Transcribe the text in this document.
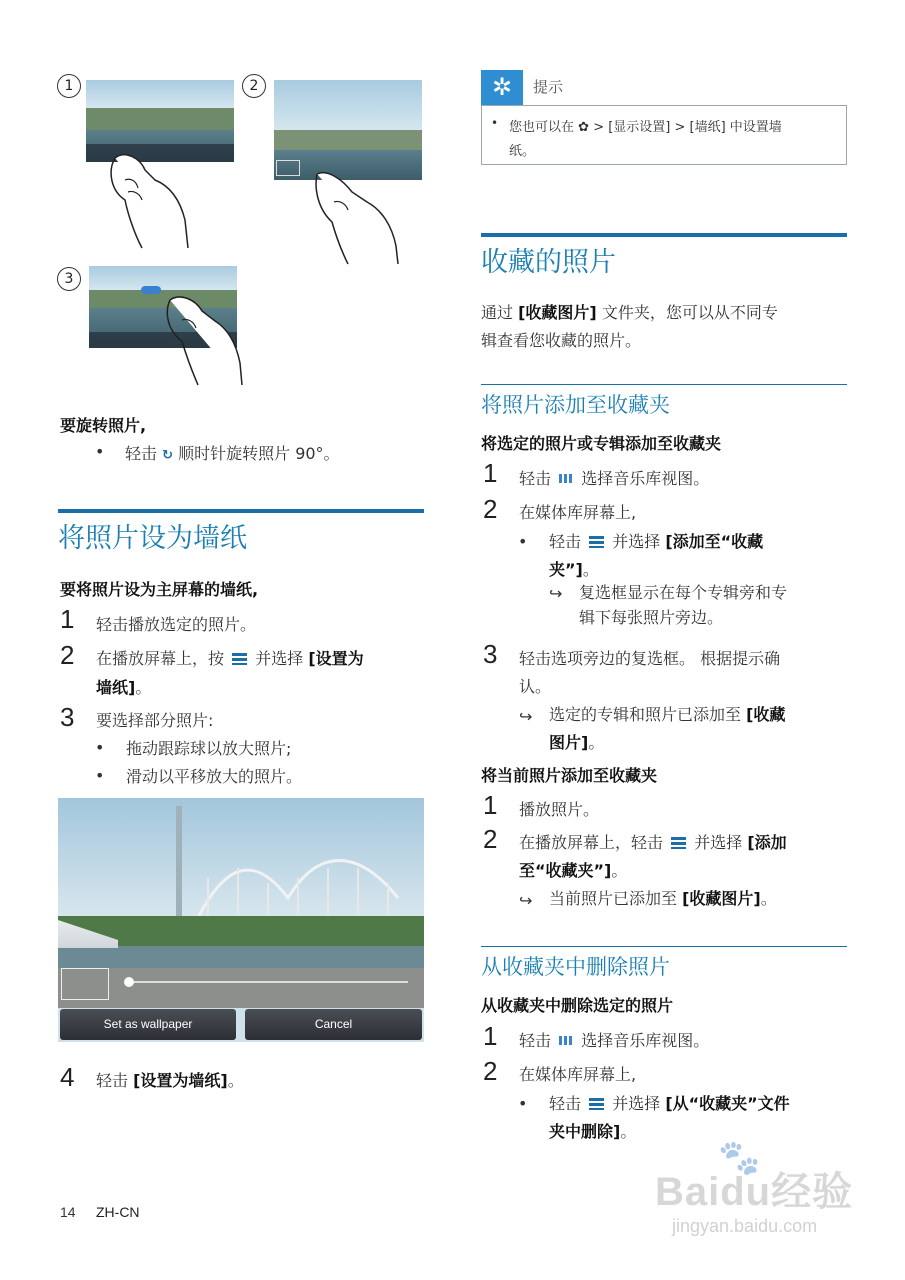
1	2
3
要旋转照片,
• 轻击 ↻ 顺时针旋转照片 90°。
将照片设为墙纸
要将照片设为主屏幕的墙纸,
1 轻击播放选定的照片。
2 在播放屏幕上，按 并选择 [设置为
墙纸]。
3 要选择部分照片:
• 拖动跟踪球以放大照片;
• 滑动以平移放大的照片。
Set as wallpaper	Cancel
4 轻击 [设置为墙纸]。
14 ZH-CN
✲	提示
• 您也可以在 ✿ > [显示设置] > [墙纸] 中设置墙
纸。
收藏的照片
通过 [收藏图片] 文件夹，您可以从不同专
辑查看您收藏的照片。
将照片添加至收藏夹
将选定的照片或专辑添加至收藏夹
1 轻击 选择音乐库视图。
2 在媒体库屏幕上,
• 轻击 并选择 [添加至“收藏
夹”]。
↪ 复选框显示在每个专辑旁和专
辑下每张照片旁边。
3 轻击选项旁边的复选框。 根据提示确
认。
↪ 选定的专辑和照片已添加至 [收藏
图片]。
将当前照片添加至收藏夹
1 播放照片。
2 在播放屏幕上，轻击 并选择 [添加
至“收藏夹”]。
↪ 当前照片已添加至 [收藏图片]。
从收藏夹中删除照片
从收藏夹中删除选定的照片
1 轻击 选择音乐库视图。
2 在媒体库屏幕上,
• 轻击 并选择 [从“收藏夹”文件
夹中删除]。
Baidu经验
🐾
jingyan.baidu.com
